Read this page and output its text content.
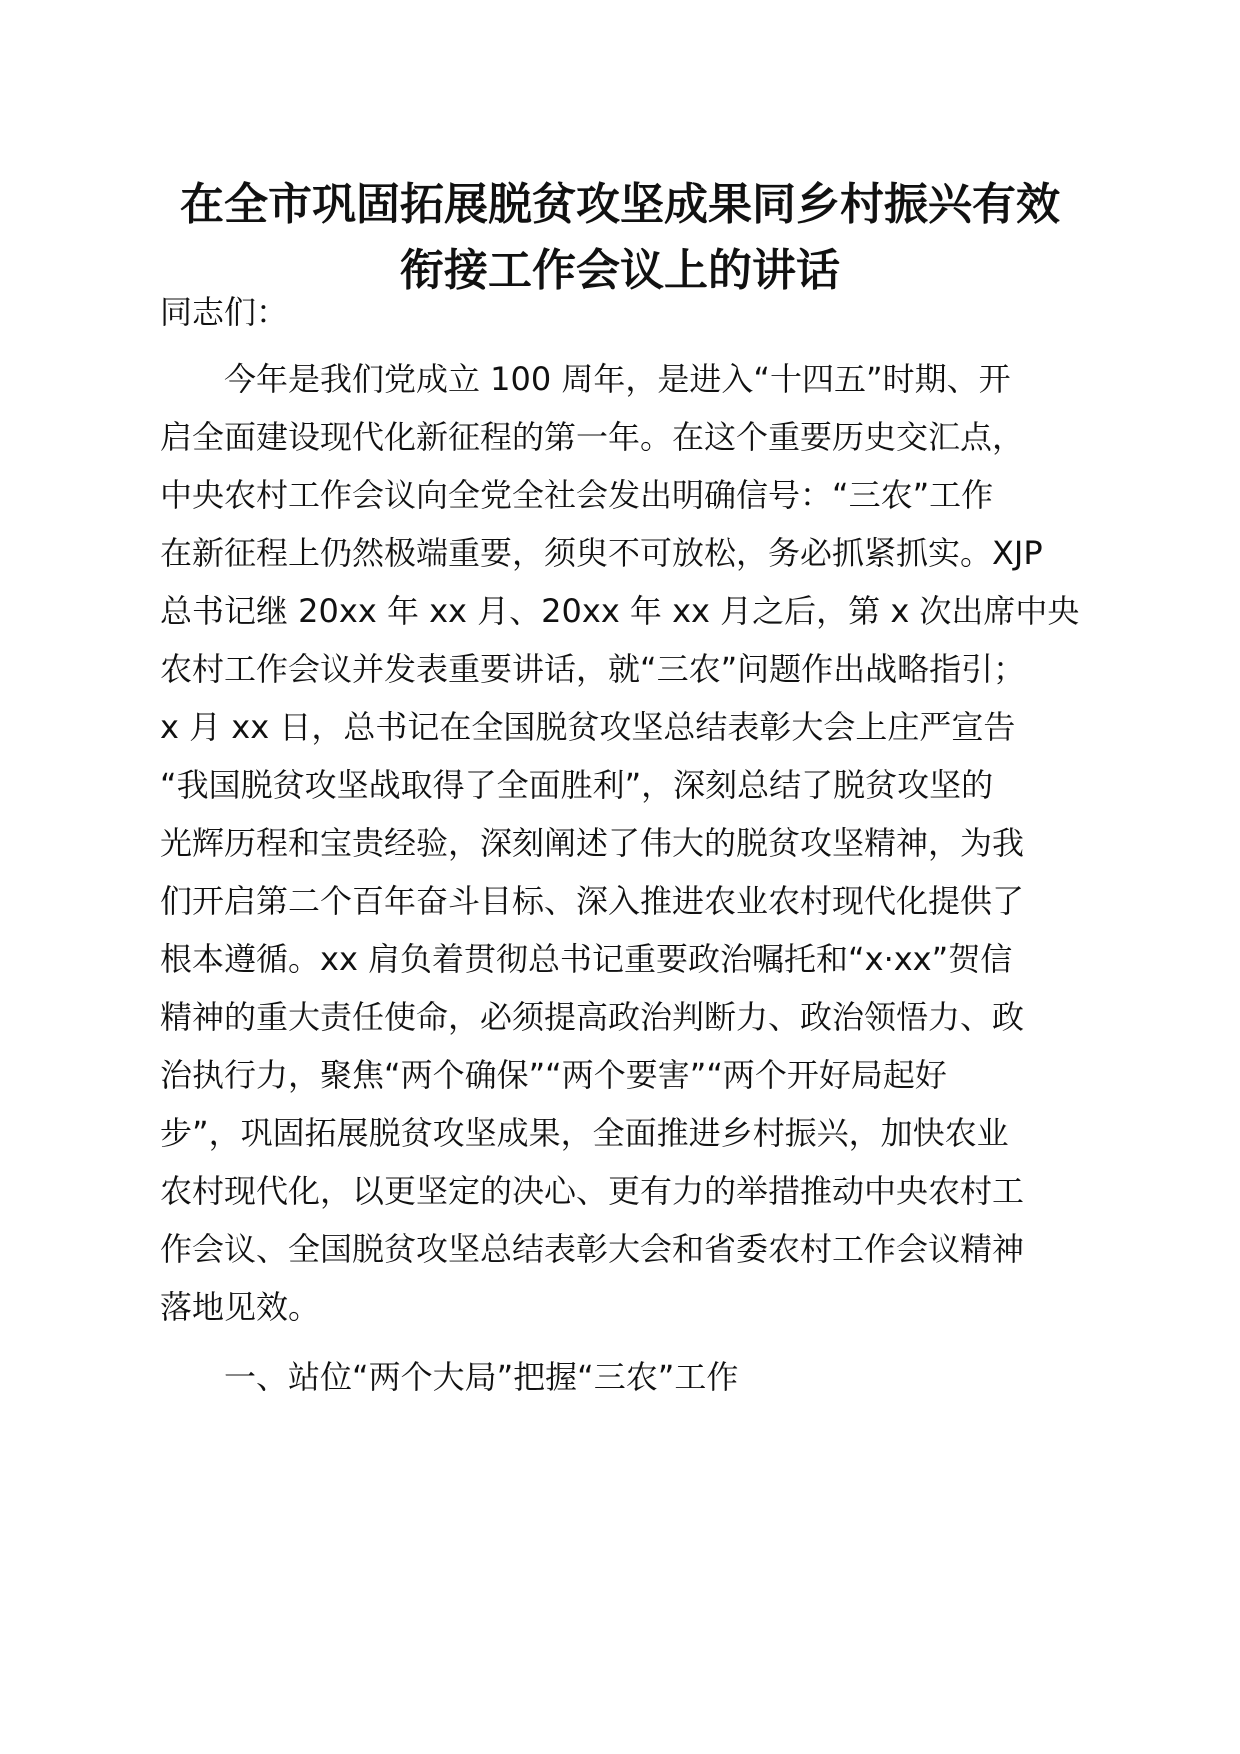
在全市巩固拓展脱贫攻坚成果同乡村振兴有效
衔接工作会议上的讲话
同志们：
今年是我们党成立 100 周年，是进入“十四五”时期、开
启全面建设现代化新征程的第一年。在这个重要历史交汇点，
中央农村工作会议向全党全社会发出明确信号：“三农”工作
在新征程上仍然极端重要，须臾不可放松，务必抓紧抓实。XJP
总书记继 20xx 年 xx 月、20xx 年 xx 月之后，第 x 次出席中央
农村工作会议并发表重要讲话，就“三农”问题作出战略指引；
x 月 xx 日，总书记在全国脱贫攻坚总结表彰大会上庄严宣告
“我国脱贫攻坚战取得了全面胜利”，深刻总结了脱贫攻坚的
光辉历程和宝贵经验，深刻阐述了伟大的脱贫攻坚精神，为我
们开启第二个百年奋斗目标、深入推进农业农村现代化提供了
根本遵循。xx 肩负着贯彻总书记重要政治嘱托和“x·xx”贺信
精神的重大责任使命，必须提高政治判断力、政治领悟力、政
治执行力，聚焦“两个确保”“两个要害”“两个开好局起好
步”，巩固拓展脱贫攻坚成果，全面推进乡村振兴，加快农业
农村现代化，以更坚定的决心、更有力的举措推动中央农村工
作会议、全国脱贫攻坚总结表彰大会和省委农村工作会议精神
落地见效。
一、站位“两个大局”把握“三农”工作
